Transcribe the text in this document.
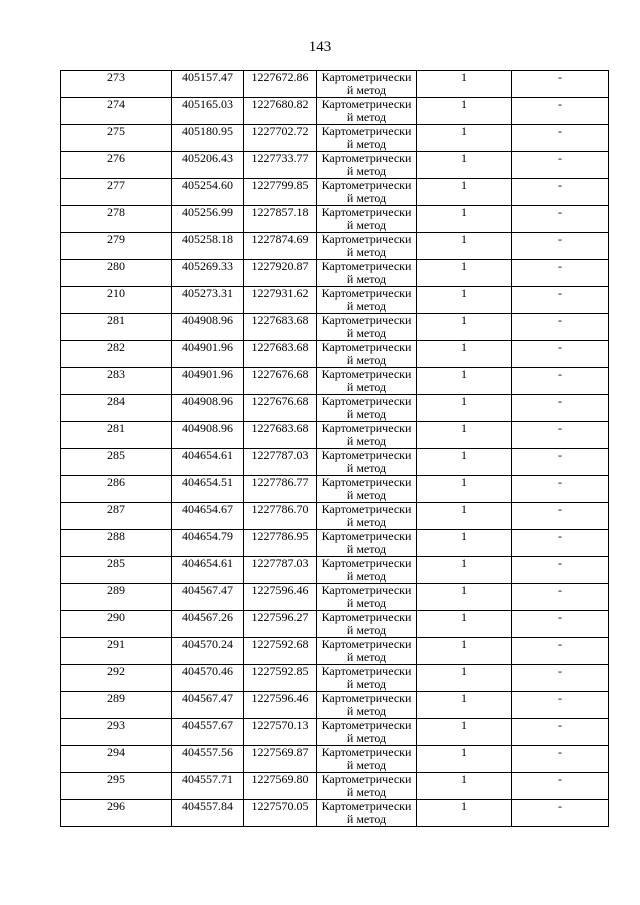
143
273	405157.47	1227672.86	Картометрически й метод	1	-
274	405165.03	1227680.82	Картометрически й метод	1	-
275	405180.95	1227702.72	Картометрически й метод	1	-
276	405206.43	1227733.77	Картометрически й метод	1	-
277	405254.60	1227799.85	Картометрически й метод	1	-
278	405256.99	1227857.18	Картометрически й метод	1	-
279	405258.18	1227874.69	Картометрически й метод	1	-
280	405269.33	1227920.87	Картометрически й метод	1	-
210	405273.31	1227931.62	Картометрически й метод	1	-
281	404908.96	1227683.68	Картометрически й метод	1	-
282	404901.96	1227683.68	Картометрически й метод	1	-
283	404901.96	1227676.68	Картометрически й метод	1	-
284	404908.96	1227676.68	Картометрически й метод	1	-
281	404908.96	1227683.68	Картометрически й метод	1	-
285	404654.61	1227787.03	Картометрически й метод	1	-
286	404654.51	1227786.77	Картометрически й метод	1	-
287	404654.67	1227786.70	Картометрически й метод	1	-
288	404654.79	1227786.95	Картометрически й метод	1	-
285	404654.61	1227787.03	Картометрически й метод	1	-
289	404567.47	1227596.46	Картометрически й метод	1	-
290	404567.26	1227596.27	Картометрически й метод	1	-
291	404570.24	1227592.68	Картометрически й метод	1	-
292	404570.46	1227592.85	Картометрически й метод	1	-
289	404567.47	1227596.46	Картометрически й метод	1	-
293	404557.67	1227570.13	Картометрически й метод	1	-
294	404557.56	1227569.87	Картометрически й метод	1	-
295	404557.71	1227569.80	Картометрически й метод	1	-
296	404557.84	1227570.05	Картометрически й метод	1	-
